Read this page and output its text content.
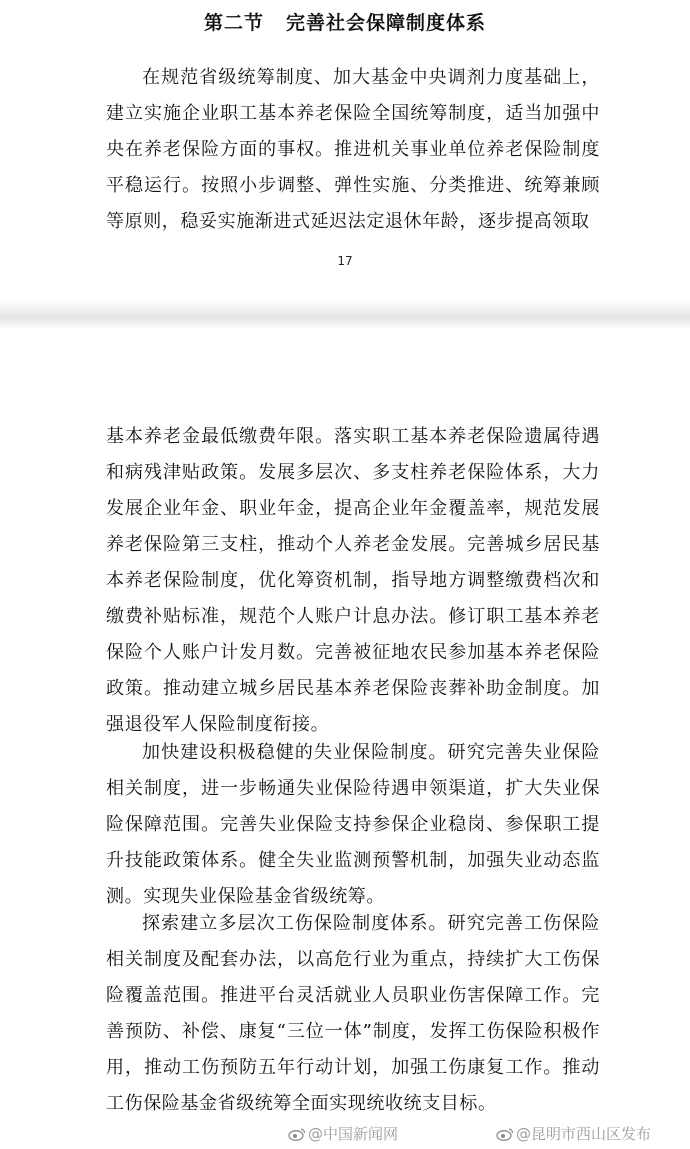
第二节 完善社会保障制度体系

在规范省级统筹制度、加大基金中央调剂力度基础上，建立实施企业职工基本养老保险全国统筹制度，适当加强中央在养老保险方面的事权。推进机关事业单位养老保险制度平稳运行。按照小步调整、弹性实施、分类推进、统筹兼顾等原则，稳妥实施渐进式延迟法定退休年龄，逐步提高领取

17

基本养老金最低缴费年限。落实职工基本养老保险遗属待遇和病残津贴政策。发展多层次、多支柱养老保险体系，大力发展企业年金、职业年金，提高企业年金覆盖率，规范发展养老保险第三支柱，推动个人养老金发展。完善城乡居民基本养老保险制度，优化筹资机制，指导地方调整缴费档次和缴费补贴标准，规范个人账户计息办法。修订职工基本养老保险个人账户计发月数。完善被征地农民参加基本养老保险政策。推动建立城乡居民基本养老保险丧葬补助金制度。加强退役军人保险制度衔接。

加快建设积极稳健的失业保险制度。研究完善失业保险相关制度，进一步畅通失业保险待遇申领渠道，扩大失业保险保障范围。完善失业保险支持参保企业稳岗、参保职工提升技能政策体系。健全失业监测预警机制，加强失业动态监测。实现失业保险基金省级统筹。

探索建立多层次工伤保险制度体系。研究完善工伤保险相关制度及配套办法，以高危行业为重点，持续扩大工伤保险覆盖范围。推进平台灵活就业人员职业伤害保障工作。完善预防、补偿、康复“三位一体”制度，发挥工伤保险积极作用，推动工伤预防五年行动计划，加强工伤康复工作。推动工伤保险基金省级统筹全面实现统收统支目标。

@中国新闻网	@昆明市西山区发布
